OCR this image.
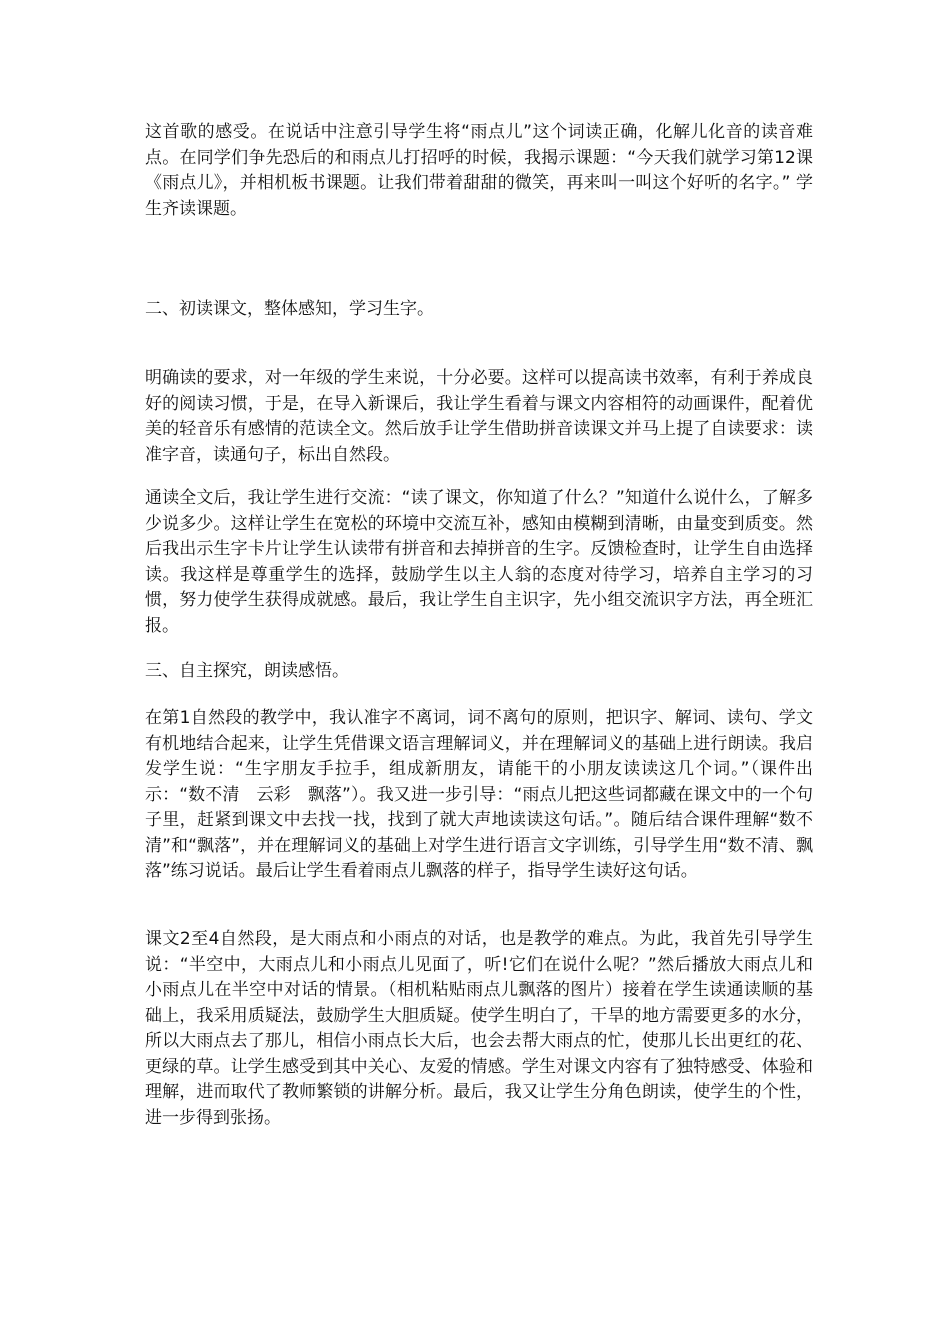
这首歌的感受。在说话中注意引导学生将“雨点儿”这个词读正确，化解儿化音的读音难点。在同学们争先恐后的和雨点儿打招呼的时候，我揭示课题：“今天我们就学习第12课《雨点儿》，并相机板书课题。让我们带着甜甜的微笑，再来叫一叫这个好听的名字。” 学生齐读课题。

二、初读课文，整体感知，学习生字。

明确读的要求，对一年级的学生来说，十分必要。这样可以提高读书效率，有利于养成良好的阅读习惯，于是，在导入新课后，我让学生看着与课文内容相符的动画课件，配着优美的轻音乐有感情的范读全文。然后放手让学生借助拼音读课文并马上提了自读要求：读准字音，读通句子，标出自然段。

通读全文后，我让学生进行交流：“读了课文，你知道了什么？”知道什么说什么，了解多少说多少。这样让学生在宽松的环境中交流互补，感知由模糊到清晰，由量变到质变。然后我出示生字卡片让学生认读带有拼音和去掉拼音的生字。反馈检查时，让学生自由选择读。我这样是尊重学生的选择，鼓励学生以主人翁的态度对待学习，培养自主学习的习惯，努力使学生获得成就感。最后，我让学生自主识字，先小组交流识字方法，再全班汇报。

三、自主探究，朗读感悟。

在第1自然段的教学中，我认准字不离词，词不离句的原则，把识字、解词、读句、学文有机地结合起来，让学生凭借课文语言理解词义，并在理解词义的基础上进行朗读。我启发学生说：“生字朋友手拉手，组成新朋友，请能干的小朋友读读这几个词。”（课件出示：“数不清　云彩　飘落”）。我又进一步引导：“雨点儿把这些词都藏在课文中的一个句子里，赶紧到课文中去找一找，找到了就大声地读读这句话。”。随后结合课件理解“数不清”和“飘落”，并在理解词义的基础上对学生进行语言文字训练，引导学生用“数不清、飘落”练习说话。最后让学生看着雨点儿飘落的样子，指导学生读好这句话。

课文2至4自然段，是大雨点和小雨点的对话，也是教学的难点。为此，我首先引导学生说：“半空中，大雨点儿和小雨点儿见面了，听!它们在说什么呢？”然后播放大雨点儿和小雨点儿在半空中对话的情景。（相机粘贴雨点儿飘落的图片）接着在学生读通读顺的基础上，我采用质疑法，鼓励学生大胆质疑。使学生明白了，干旱的地方需要更多的水分，所以大雨点去了那儿，相信小雨点长大后，也会去帮大雨点的忙，使那儿长出更红的花、更绿的草。让学生感受到其中关心、友爱的情感。学生对课文内容有了独特感受、体验和理解，进而取代了教师繁锁的讲解分析。最后，我又让学生分角色朗读，使学生的个性，进一步得到张扬。
